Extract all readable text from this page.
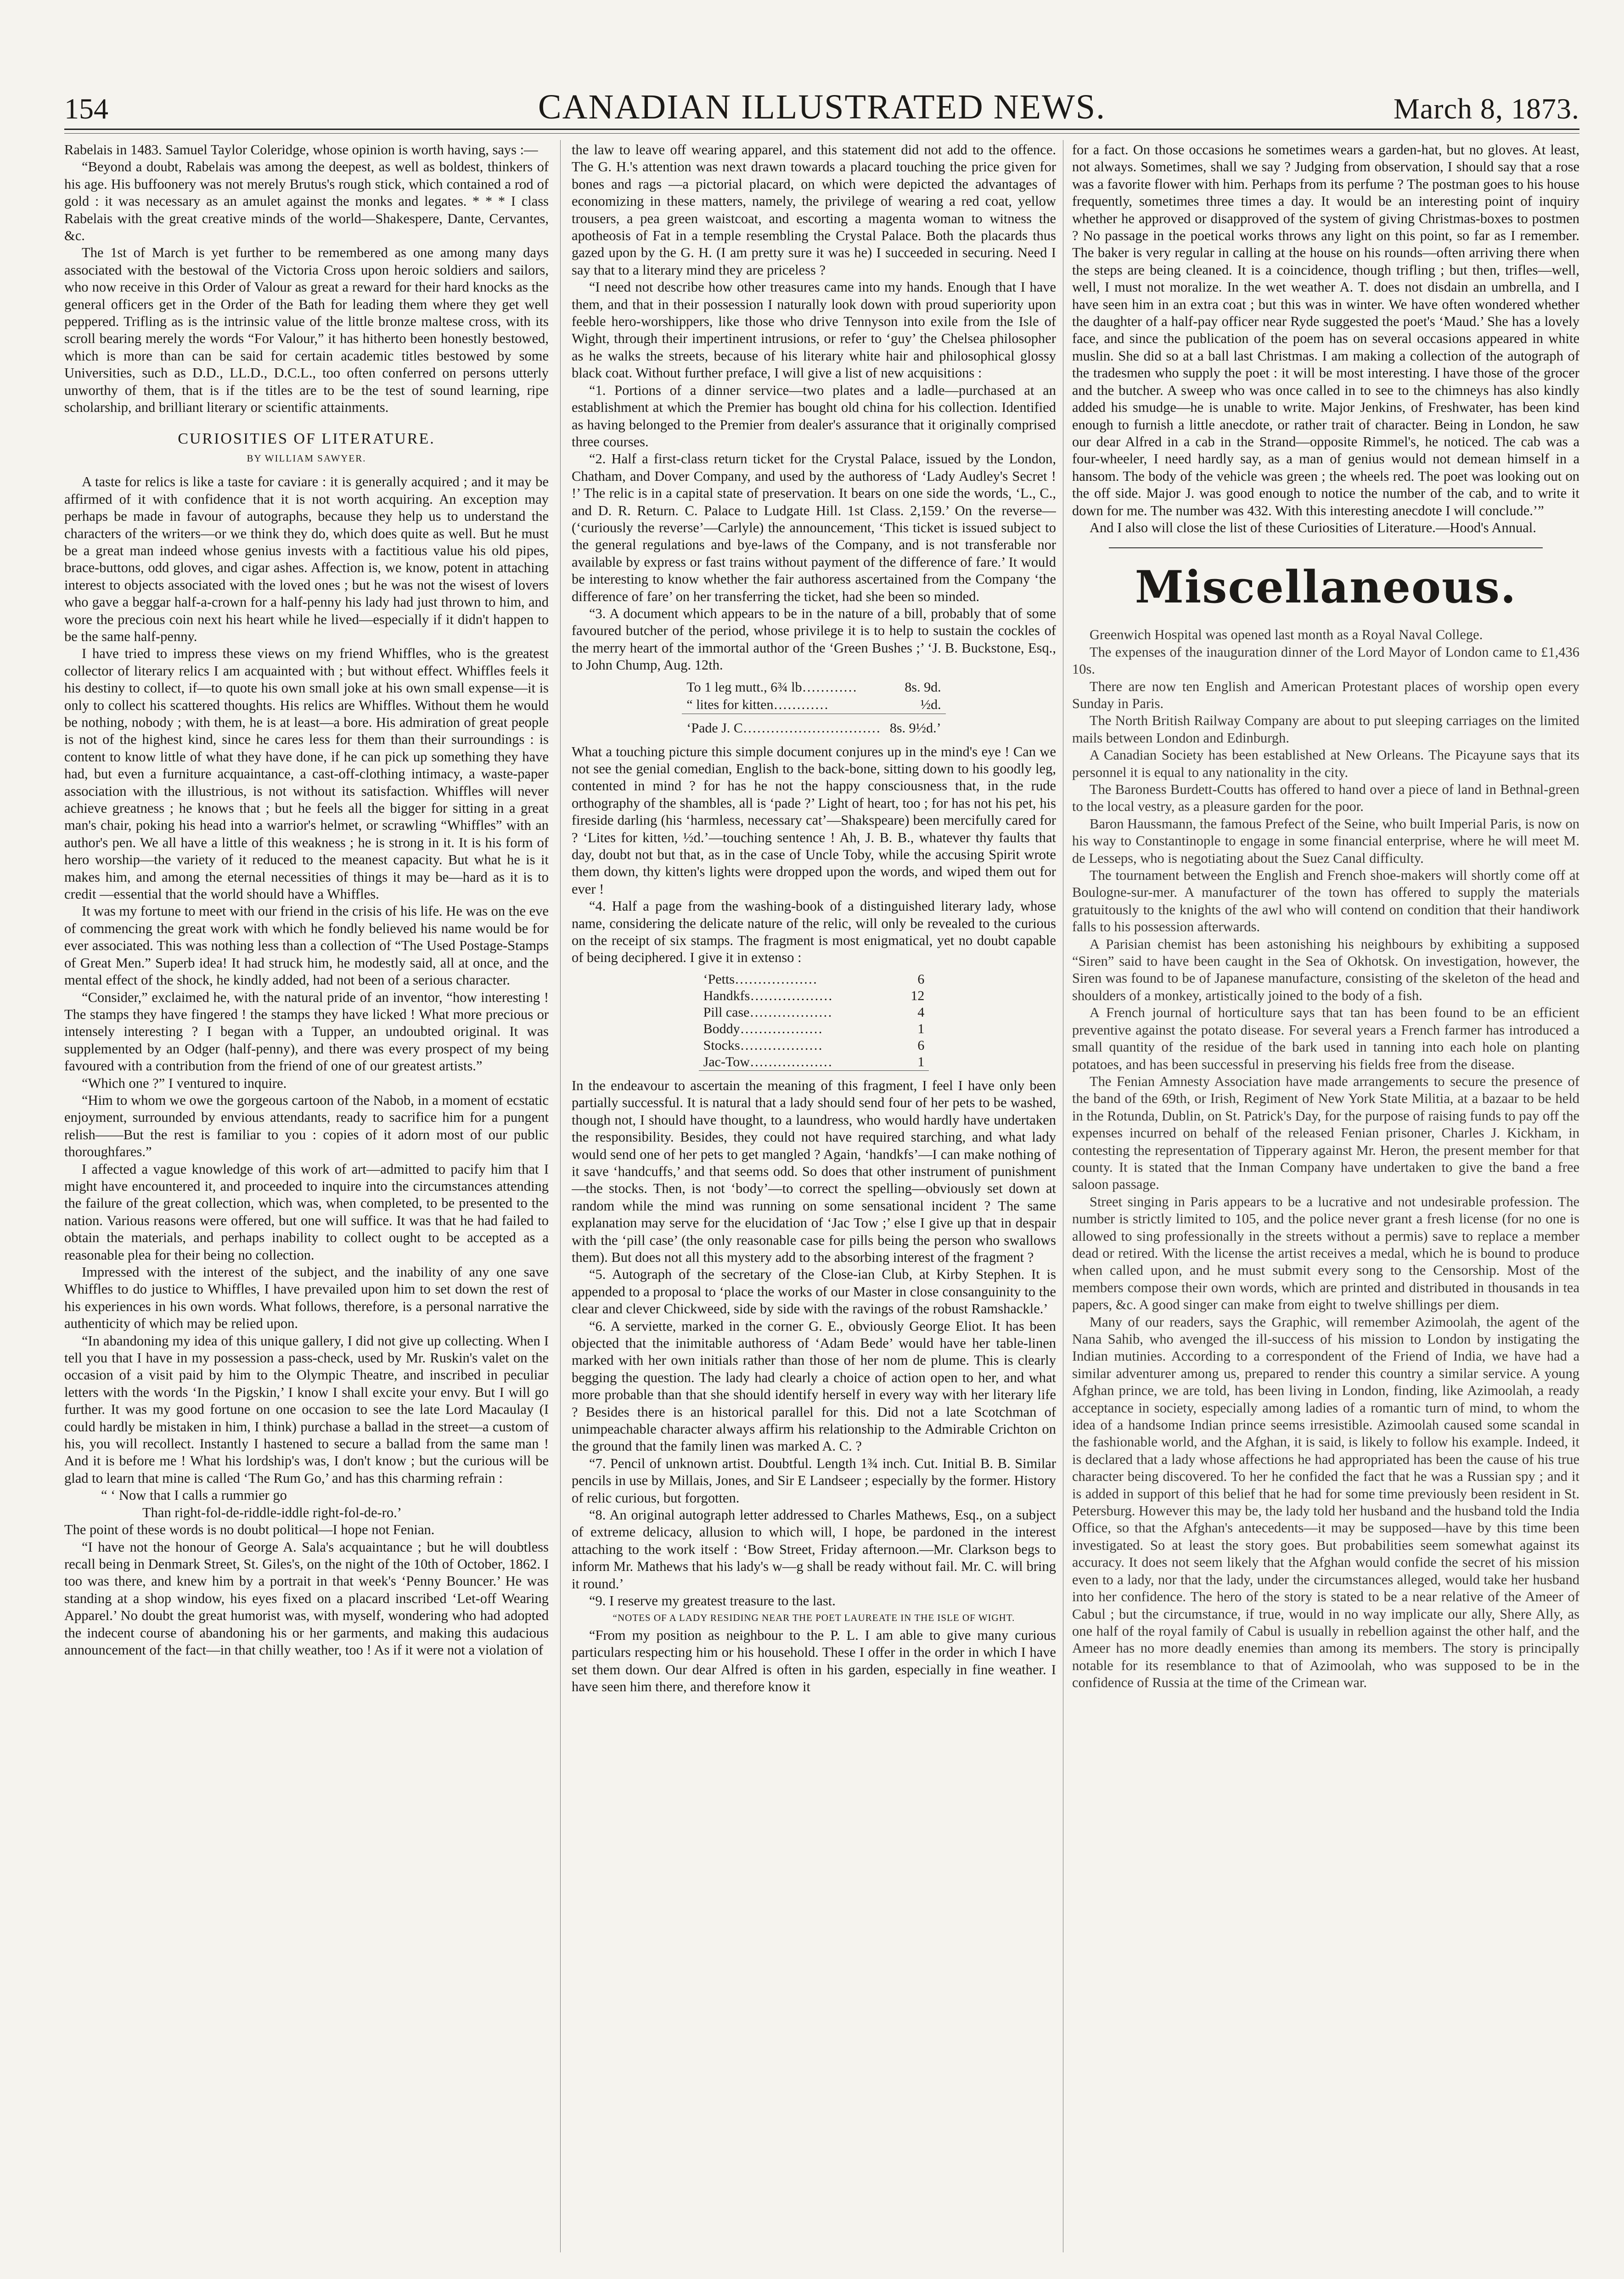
154	CANADIAN ILLUSTRATED NEWS.	March 8, 1873.

Rabelais in 1483. Samuel Taylor Coleridge, whose opinion is worth having, says :—

“Beyond a doubt, Rabelais was among the deepest, as well as boldest, thinkers of his age. His buffoonery was not merely Brutus's rough stick, which contained a rod of gold : it was necessary as an amulet against the monks and legates. * * * I class Rabelais with the great creative minds of the world—Shakespere, Dante, Cervantes, &c.

The 1st of March is yet further to be remembered as one among many days associated with the bestowal of the Victoria Cross upon heroic soldiers and sailors, who now receive in this Order of Valour as great a reward for their hard knocks as the general officers get in the Order of the Bath for leading them where they get well peppered. Trifling as is the intrinsic value of the little bronze maltese cross, with its scroll bearing merely the words “For Valour,” it has hitherto been honestly bestowed, which is more than can be said for certain academic titles bestowed by some Universities, such as D.D., LL.D., D.C.L., too often conferred on persons utterly unworthy of them, that is if the titles are to be the test of sound learning, ripe scholarship, and brilliant literary or scientific attainments.

CURIOSITIES OF LITERATURE.
BY WILLIAM SAWYER.

A taste for relics is like a taste for caviare : it is generally acquired ; and it may be affirmed of it with confidence that it is not worth acquiring. An exception may perhaps be made in favour of autographs, because they help us to understand the characters of the writers—or we think they do, which does quite as well. But he must be a great man indeed whose genius invests with a factitious value his old pipes, brace-buttons, odd gloves, and cigar ashes. Affection is, we know, potent in attaching interest to objects associated with the loved ones ; but he was not the wisest of lovers who gave a beggar half-a-crown for a half-penny his lady had just thrown to him, and wore the precious coin next his heart while he lived—especially if it didn't happen to be the same half-penny.

I have tried to impress these views on my friend Whiffles, who is the greatest collector of literary relics I am acquainted with ; but without effect. Whiffles feels it his destiny to collect, if—to quote his own small joke at his own small expense—it is only to collect his scattered thoughts. His relics are Whiffles. Without them he would be nothing, nobody ; with them, he is at least—a bore. His admiration of great people is not of the highest kind, since he cares less for them than their surroundings : is content to know little of what they have done, if he can pick up something they have had, but even a furniture acquaintance, a cast-off-clothing intimacy, a waste-paper association with the illustrious, is not without its satisfaction. Whiffles will never achieve greatness ; he knows that ; but he feels all the bigger for sitting in a great man's chair, poking his head into a warrior's helmet, or scrawling “Whiffles” with an author's pen. We all have a little of this weakness ; he is strong in it. It is his form of hero worship—the variety of it reduced to the meanest capacity. But what he is it makes him, and among the eternal necessities of things it may be—hard as it is to credit —essential that the world should have a Whiffles.

It was my fortune to meet with our friend in the crisis of his life. He was on the eve of commencing the great work with which he fondly believed his name would be for ever associated. This was nothing less than a collection of “The Used Postage-Stamps of Great Men.” Superb idea! It had struck him, he modestly said, all at once, and the mental effect of the shock, he kindly added, had not been of a serious character.

“Consider,” exclaimed he, with the natural pride of an inventor, “how interesting ! The stamps they have fingered ! the stamps they have licked ! What more precious or intensely interesting ? I began with a Tupper, an undoubted original. It was supplemented by an Odger (half-penny), and there was every prospect of my being favoured with a contribution from the friend of one of our greatest artists.”

“Which one ?” I ventured to inquire.

“Him to whom we owe the gorgeous cartoon of the Nabob, in a moment of ecstatic enjoyment, surrounded by envious attendants, ready to sacrifice him for a pungent relish——But the rest is familiar to you : copies of it adorn most of our public thoroughfares.”

I affected a vague knowledge of this work of art—admitted to pacify him that I might have encountered it, and proceeded to inquire into the circumstances attending the failure of the great collection, which was, when completed, to be presented to the nation. Various reasons were offered, but one will suffice. It was that he had failed to obtain the materials, and perhaps inability to collect ought to be accepted as a reasonable plea for their being no collection.

Impressed with the interest of the subject, and the inability of any one save Whiffles to do justice to Whiffles, I have prevailed upon him to set down the rest of his experiences in his own words. What follows, therefore, is a personal narrative the authenticity of which may be relied upon.

“In abandoning my idea of this unique gallery, I did not give up collecting. When I tell you that I have in my possession a pass-check, used by Mr. Ruskin's valet on the occasion of a visit paid by him to the Olympic Theatre, and inscribed in peculiar letters with the words ‘In the Pigskin,’ I know I shall excite your envy. But I will go further. It was my good fortune on one occasion to see the late Lord Macaulay (I could hardly be mistaken in him, I think) purchase a ballad in the street—a custom of his, you will recollect. Instantly I hastened to secure a ballad from the same man ! And it is before me ! What his lordship's was, I don't know ; but the curious will be glad to learn that mine is called ‘The Rum Go,’ and has this charming refrain :

“ ‘ Now that I calls a rummier go

Than right-fol-de-riddle-iddle right-fol-de-ro.’

The point of these words is no doubt political—I hope not Fenian.

“I have not the honour of George A. Sala's acquaintance ; but he will doubtless recall being in Denmark Street, St. Giles's, on the night of the 10th of October, 1862. I too was there, and knew him by a portrait in that week's ‘Penny Bouncer.’ He was standing at a shop window, his eyes fixed on a placard inscribed ‘Let-off Wearing Apparel.’ No doubt the great humorist was, with myself, wondering who had adopted the indecent course of abandoning his or her garments, and making this audacious announcement of the fact—in that chilly weather, too ! As if it were not a violation of

the law to leave off wearing apparel, and this statement did not add to the offence. The G. H.'s attention was next drawn towards a placard touching the price given for bones and rags —a pictorial placard, on which were depicted the advantages of economizing in these matters, namely, the privilege of wearing a red coat, yellow trousers, a pea green waistcoat, and escorting a magenta woman to witness the apotheosis of Fat in a temple resembling the Crystal Palace. Both the placards thus gazed upon by the G. H. (I am pretty sure it was he) I succeeded in securing. Need I say that to a literary mind they are priceless ?

“I need not describe how other treasures came into my hands. Enough that I have them, and that in their possession I naturally look down with proud superiority upon feeble hero-worshippers, like those who drive Tennyson into exile from the Isle of Wight, through their impertinent intrusions, or refer to ‘guy’ the Chelsea philosopher as he walks the streets, because of his literary white hair and philosophical glossy black coat. Without further preface, I will give a list of new acquisitions :

“1. Portions of a dinner service—two plates and a ladle—purchased at an establishment at which the Premier has bought old china for his collection. Identified as having belonged to the Premier from dealer's assurance that it originally comprised three courses.

“2. Half a first-class return ticket for the Crystal Palace, issued by the London, Chatham, and Dover Company, and used by the authoress of ‘Lady Audley's Secret ! !’ The relic is in a capital state of preservation. It bears on one side the words, ‘L., C., and D. R. Return. C. Palace to Ludgate Hill. 1st Class. 2,159.’ On the reverse—(‘curiously the reverse’—Carlyle) the announcement, ‘This ticket is issued subject to the general regulations and bye-laws of the Company, and is not transferable nor available by express or fast trains without payment of the difference of fare.’ It would be interesting to know whether the fair authoress ascertained from the Company ‘the difference of fare’ on her transferring the ticket, had she been so minded.

“3. A document which appears to be in the nature of a bill, probably that of some favoured butcher of the period, whose privilege it is to help to sustain the cockles of the merry heart of the immortal author of the ‘Green Bushes ;’ ‘J. B. Buckstone, Esq., to John Chump, Aug. 12th.

To 1 leg mutt., 6¾ lb…………	8s. 9d.
“ lites for kitten…………	½d.
‘Pade J. C…………………………	8s. 9½d.’

What a touching picture this simple document conjures up in the mind's eye ! Can we not see the genial comedian, English to the back-bone, sitting down to his goodly leg, contented in mind ? for has he not the happy consciousness that, in the rude orthography of the shambles, all is ‘pade ?’ Light of heart, too ; for has not his pet, his fireside darling (his ‘harmless, necessary cat’—Shakspeare) been mercifully cared for ? ‘Lites for kitten, ½d.’—touching sentence ! Ah, J. B. B., whatever thy faults that day, doubt not but that, as in the case of Uncle Toby, while the accusing Spirit wrote them down, thy kitten's lights were dropped upon the words, and wiped them out for ever !

“4. Half a page from the washing-book of a distinguished literary lady, whose name, considering the delicate nature of the relic, will only be revealed to the curious on the receipt of six stamps. The fragment is most enigmatical, yet no doubt capable of being deciphered. I give it in extenso :

‘Petts………………	6
Handkfs………………	12
Pill case………………	4
Boddy………………	1
Stocks………………	6
Jac-Tow………………	1

In the endeavour to ascertain the meaning of this fragment, I feel I have only been partially successful. It is natural that a lady should send four of her pets to be washed, though not, I should have thought, to a laundress, who would hardly have undertaken the responsibility. Besides, they could not have required starching, and what lady would send one of her pets to get mangled ? Again, ‘handkfs’—I can make nothing of it save ‘handcuffs,’ and that seems odd. So does that other instrument of punishment—the stocks. Then, is not ‘body’—to correct the spelling—obviously set down at random while the mind was running on some sensational incident ? The same explanation may serve for the elucidation of ‘Jac Tow ;’ else I give up that in despair with the ‘pill case’ (the only reasonable case for pills being the person who swallows them). But does not all this mystery add to the absorbing interest of the fragment ?

“5. Autograph of the secretary of the Close-ian Club, at Kirby Stephen. It is appended to a proposal to ‘place the works of our Master in close consanguinity to the clear and clever Chickweed, side by side with the ravings of the robust Ramshackle.’

“6. A serviette, marked in the corner G. E., obviously George Eliot. It has been objected that the inimitable authoress of ‘Adam Bede’ would have her table-linen marked with her own initials rather than those of her nom de plume. This is clearly begging the question. The lady had clearly a choice of action open to her, and what more probable than that she should identify herself in every way with her literary life ? Besides there is an historical parallel for this. Did not a late Scotchman of unimpeachable character always affirm his relationship to the Admirable Crichton on the ground that the family linen was marked A. C. ?

“7. Pencil of unknown artist. Doubtful. Length 1¾ inch. Cut. Initial B. B. Similar pencils in use by Millais, Jones, and Sir E Landseer ; especially by the former. History of relic curious, but forgotten.

“8. An original autograph letter addressed to Charles Mathews, Esq., on a subject of extreme delicacy, allusion to which will, I hope, be pardoned in the interest attaching to the work itself : ‘Bow Street, Friday afternoon.—Mr. Clarkson begs to inform Mr. Mathews that his lady's w—g shall be ready without fail. Mr. C. will bring it round.’

“9. I reserve my greatest treasure to the last.

“NOTES OF A LADY RESIDING NEAR THE POET LAUREATE IN THE ISLE OF WIGHT.

“From my position as neighbour to the P. L. I am able to give many curious particulars respecting him or his household. These I offer in the order in which I have set them down. Our dear Alfred is often in his garden, especially in fine weather. I have seen him there, and therefore know it

for a fact. On those occasions he sometimes wears a garden-hat, but no gloves. At least, not always. Sometimes, shall we say ? Judging from observation, I should say that a rose was a favorite flower with him. Perhaps from its perfume ? The postman goes to his house frequently, sometimes three times a day. It would be an interesting point of inquiry whether he approved or disapproved of the system of giving Christmas-boxes to postmen ? No passage in the poetical works throws any light on this point, so far as I remember. The baker is very regular in calling at the house on his rounds—often arriving there when the steps are being cleaned. It is a coincidence, though trifling ; but then, trifles—well, well, I must not moralize. In the wet weather A. T. does not disdain an umbrella, and I have seen him in an extra coat ; but this was in winter. We have often wondered whether the daughter of a half-pay officer near Ryde suggested the poet's ‘Maud.’ She has a lovely face, and since the publication of the poem has on several occasions appeared in white muslin. She did so at a ball last Christmas. I am making a collection of the autograph of the tradesmen who supply the poet : it will be most interesting. I have those of the grocer and the butcher. A sweep who was once called in to see to the chimneys has also kindly added his smudge—he is unable to write. Major Jenkins, of Freshwater, has been kind enough to furnish a little anecdote, or rather trait of character. Being in London, he saw our dear Alfred in a cab in the Strand—opposite Rimmel's, he noticed. The cab was a four-wheeler, I need hardly say, as a man of genius would not demean himself in a hansom. The body of the vehicle was green ; the wheels red. The poet was looking out on the off side. Major J. was good enough to notice the number of the cab, and to write it down for me. The number was 432. With this interesting anecdote I will conclude.’”

And I also will close the list of these Curiosities of Literature.—Hood's Annual.

Miscellaneous.

Greenwich Hospital was opened last month as a Royal Naval College.

The expenses of the inauguration dinner of the Lord Mayor of London came to £1,436 10s.

There are now ten English and American Protestant places of worship open every Sunday in Paris.

The North British Railway Company are about to put sleeping carriages on the limited mails between London and Edinburgh.

A Canadian Society has been established at New Orleans. The Picayune says that its personnel it is equal to any nationality in the city.

The Baroness Burdett-Coutts has offered to hand over a piece of land in Bethnal-green to the local vestry, as a pleasure garden for the poor.

Baron Haussmann, the famous Prefect of the Seine, who built Imperial Paris, is now on his way to Constantinople to engage in some financial enterprise, where he will meet M. de Lesseps, who is negotiating about the Suez Canal difficulty.

The tournament between the English and French shoe-makers will shortly come off at Boulogne-sur-mer. A manufacturer of the town has offered to supply the materials gratuitously to the knights of the awl who will contend on condition that their handiwork falls to his possession afterwards.

A Parisian chemist has been astonishing his neighbours by exhibiting a supposed “Siren” said to have been caught in the Sea of Okhotsk. On investigation, however, the Siren was found to be of Japanese manufacture, consisting of the skeleton of the head and shoulders of a monkey, artistically joined to the body of a fish.

A French journal of horticulture says that tan has been found to be an efficient preventive against the potato disease. For several years a French farmer has introduced a small quantity of the residue of the bark used in tanning into each hole on planting potatoes, and has been successful in preserving his fields free from the disease.

The Fenian Amnesty Association have made arrangements to secure the presence of the band of the 69th, or Irish, Regiment of New York State Militia, at a bazaar to be held in the Rotunda, Dublin, on St. Patrick's Day, for the purpose of raising funds to pay off the expenses incurred on behalf of the released Fenian prisoner, Charles J. Kickham, in contesting the representation of Tipperary against Mr. Heron, the present member for that county. It is stated that the Inman Company have undertaken to give the band a free saloon passage.

Street singing in Paris appears to be a lucrative and not undesirable profession. The number is strictly limited to 105, and the police never grant a fresh license (for no one is allowed to sing professionally in the streets without a permis) save to replace a member dead or retired. With the license the artist receives a medal, which he is bound to produce when called upon, and he must submit every song to the Censorship. Most of the members compose their own words, which are printed and distributed in thousands in tea papers, &c. A good singer can make from eight to twelve shillings per diem.

Many of our readers, says the Graphic, will remember Azimoolah, the agent of the Nana Sahib, who avenged the ill-success of his mission to London by instigating the Indian mutinies. According to a correspondent of the Friend of India, we have had a similar adventurer among us, prepared to render this country a similar service. A young Afghan prince, we are told, has been living in London, finding, like Azimoolah, a ready acceptance in society, especially among ladies of a romantic turn of mind, to whom the idea of a handsome Indian prince seems irresistible. Azimoolah caused some scandal in the fashionable world, and the Afghan, it is said, is likely to follow his example. Indeed, it is declared that a lady whose affections he had appropriated has been the cause of his true character being discovered. To her he confided the fact that he was a Russian spy ; and it is added in support of this belief that he had for some time previously been resident in St. Petersburg. However this may be, the lady told her husband and the husband told the India Office, so that the Afghan's antecedents—it may be supposed—have by this time been investigated. So at least the story goes. But probabilities seem somewhat against its accuracy. It does not seem likely that the Afghan would confide the secret of his mission even to a lady, nor that the lady, under the circumstances alleged, would take her husband into her confidence. The hero of the story is stated to be a near relative of the Ameer of Cabul ; but the circumstance, if true, would in no way implicate our ally, Shere Ally, as one half of the royal family of Cabul is usually in rebellion against the other half, and the Ameer has no more deadly enemies than among its members. The story is principally notable for its resemblance to that of Azimoolah, who was supposed to be in the confidence of Russia at the time of the Crimean war.
